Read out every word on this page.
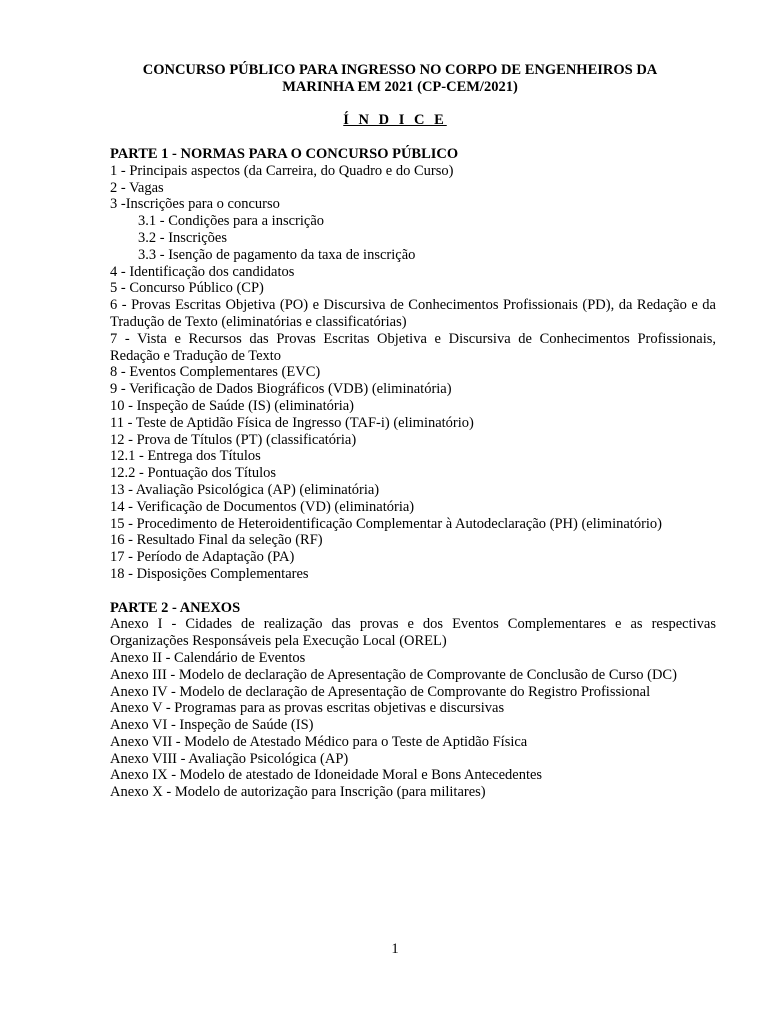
CONCURSO PÚBLICO PARA INGRESSO NO CORPO DE ENGENHEIROS DA
MARINHA EM 2021 (CP-CEM/2021)
Í N D I C E
PARTE 1 - NORMAS PARA O CONCURSO PÚBLICO
1 - Principais aspectos (da Carreira, do Quadro e do Curso)
2 - Vagas
3 -Inscrições para o concurso
3.1 - Condições para a inscrição
3.2 - Inscrições
3.3 - Isenção de pagamento da taxa de inscrição
4 - Identificação dos candidatos
5 - Concurso Público (CP)
6 - Provas Escritas Objetiva (PO) e Discursiva de Conhecimentos Profissionais (PD), da Redação e da Tradução de Texto (eliminatórias e classificatórias)
7 - Vista e Recursos das Provas Escritas Objetiva e Discursiva de Conhecimentos Profissionais, Redação e Tradução de Texto
8 - Eventos Complementares (EVC)
9 - Verificação de Dados Biográficos (VDB) (eliminatória)
10 - Inspeção de Saúde (IS) (eliminatória)
11 - Teste de Aptidão Física de Ingresso (TAF-i) (eliminatório)
12 - Prova de Títulos (PT) (classificatória)
12.1 - Entrega dos Títulos
12.2 - Pontuação dos Títulos
13 - Avaliação Psicológica (AP) (eliminatória)
14 - Verificação de Documentos (VD) (eliminatória)
15 - Procedimento de Heteroidentificação Complementar à Autodeclaração (PH) (eliminatório)
16 - Resultado Final da seleção (RF)
17 - Período de Adaptação (PA)
18 - Disposições Complementares
PARTE 2 - ANEXOS
Anexo I - Cidades de realização das provas e dos Eventos Complementares e as respectivas Organizações Responsáveis pela Execução Local (OREL)
Anexo II - Calendário de Eventos
Anexo III - Modelo de declaração de Apresentação de Comprovante de Conclusão de Curso (DC)
Anexo IV - Modelo de declaração de Apresentação de Comprovante do Registro Profissional
Anexo V - Programas para as provas escritas objetivas e discursivas
Anexo VI - Inspeção de Saúde (IS)
Anexo VII - Modelo de Atestado Médico para o Teste de Aptidão Física
Anexo VIII - Avaliação Psicológica (AP)
Anexo IX - Modelo de atestado de Idoneidade Moral e Bons Antecedentes
Anexo X - Modelo de autorização para Inscrição (para militares)
1
